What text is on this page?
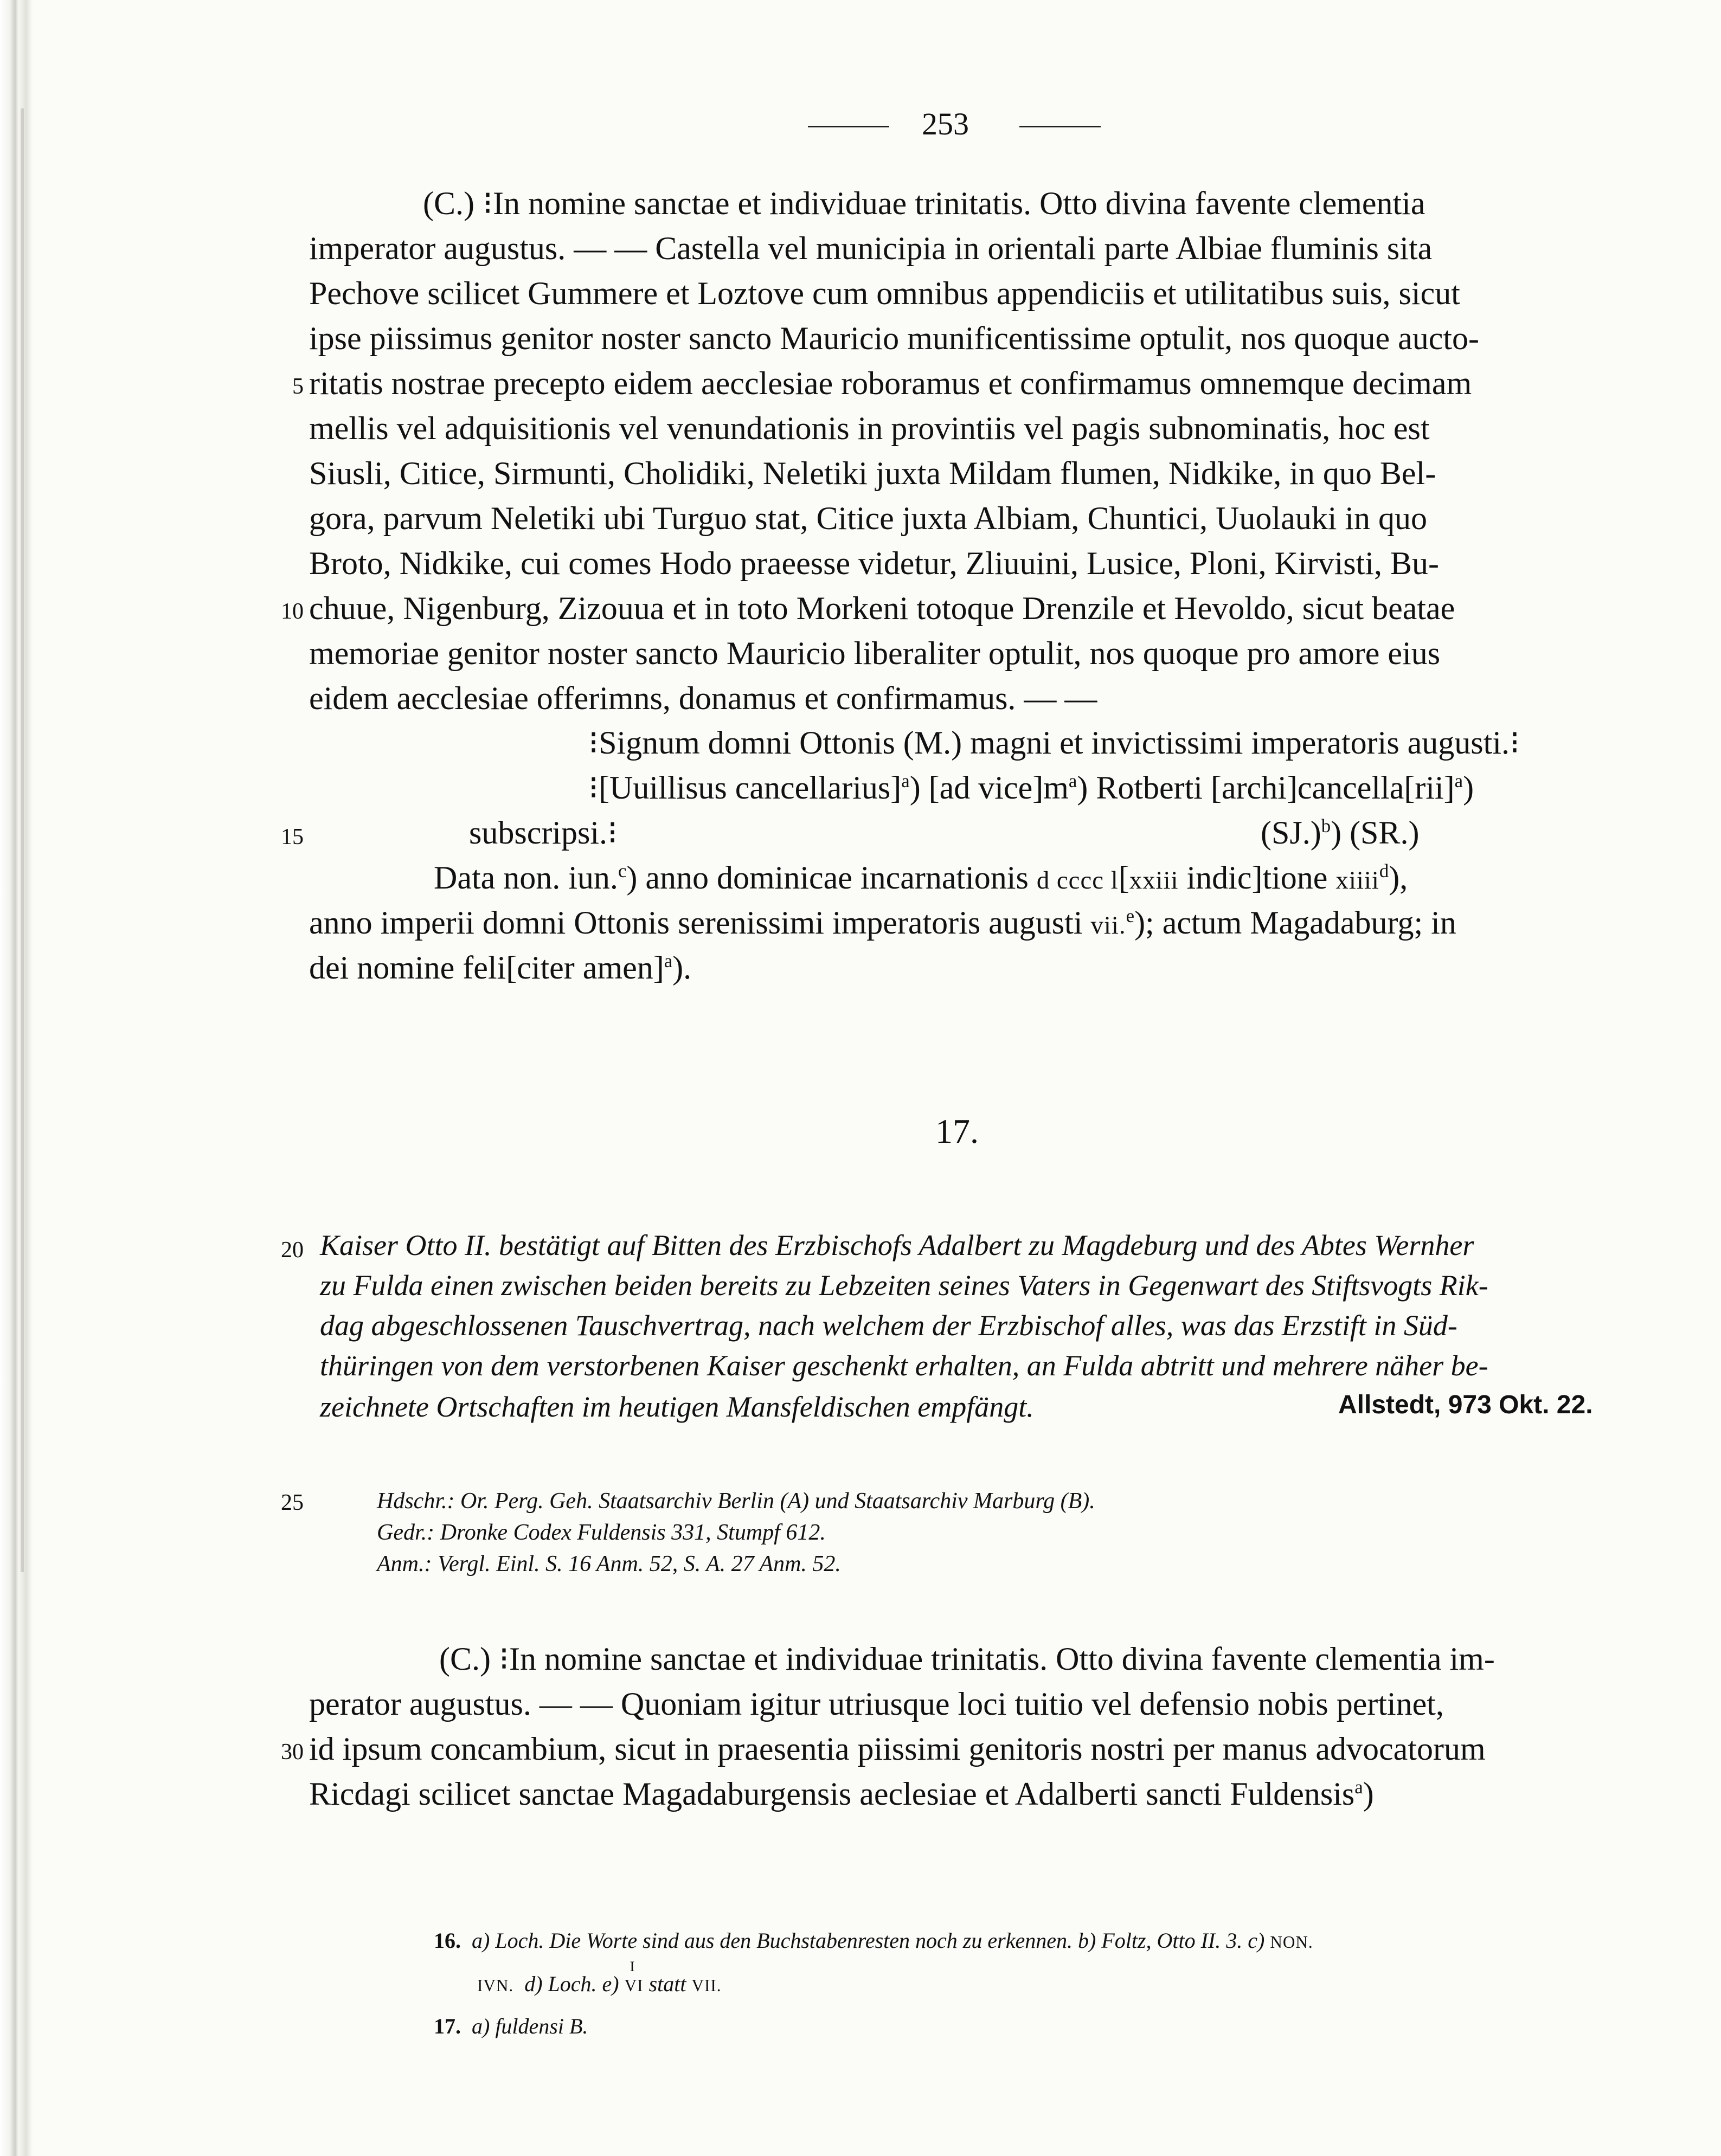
253
(C.) ⁝In nomine sanctae et individuae trinitatis. Otto divina favente clementia
imperator augustus. — — Castella vel municipia in orientali parte Albiae fluminis sita
Pechove scilicet Gummere et Loztove cum omnibus appendiciis et utilitatibus suis, sicut
ipse piissimus genitor noster sancto Mauricio munificentissime optulit, nos quoque aucto-
ritatis nostrae precepto eidem aecclesiae roboramus et confirmamus omnemque decimam
5
mellis vel adquisitionis vel venundationis in provintiis vel pagis subnominatis, hoc est
Siusli, Citice, Sirmunti, Cholidiki, Neletiki juxta Mildam flumen, Nidkike, in quo Bel-
gora, parvum Neletiki ubi Turguo stat, Citice juxta Albiam, Chuntici, Uuolauki in quo
Broto, Nidkike, cui comes Hodo praeesse videtur, Zliuuini, Lusice, Ploni, Kirvisti, Bu-
chuue, Nigenburg, Zizouua et in toto Morkeni totoque Drenzile et Hevoldo, sicut beatae
10
memoriae genitor noster sancto Mauricio liberaliter optulit, nos quoque pro amore eius
eidem aecclesiae offerimns, donamus et confirmamus. — —
⁝Signum domni Ottonis (M.) magni et invictissimi imperatoris augusti.⁝
⁝[Uuillisus cancellarius]$^a$) [ad $vice]m^a$) Rotberti [archi]cancella[rii]$^a$)
15	subscripsi.⁝	$(SJ.)^b$) (SR.)
Data non. iun.$^c$) anno dominicae incarnationis d cccc l[xxiii indic]tione xiiii$^d$),
anno imperii domni Ottonis serenissimi imperatoris augusti vii.$^e$); actum Magadaburg; in
dei nomine feli[citer amen]$^a$).
17.
20 Kaiser Otto II. bestätigt auf Bitten des Erzbischofs Adalbert zu Magdeburg und des Abtes Wernher
zu Fulda einen zwischen beiden bereits zu Lebzeiten seines Vaters in Gegenwart des Stiftsvogts Rik-
dag abgeschlossenen Tauschvertrag, nach welchem der Erzbischof alles, was das Erzstift in Süd-
thüringen von dem verstorbenen Kaiser geschenkt erhalten, an Fulda abtritt und mehrere näher be-
zeichnete Ortschaften im heutigen Mansfeldischen empfängt.	Allstedt, 973 Okt. 22.
25	Hdschr.: Or. Perg. Geh. Staatsarchiv Berlin (A) und Staatsarchiv Marburg (B).
Gedr.: Dronke Codex Fuldensis 331, Stumpf 612.
Anm.: Vergl. Einl. S. 16 Anm. 52, S. A. 27 Anm. 52.
(C.) ⁝In nomine sanctae et individuae trinitatis. Otto divina favente clementia im-
perator augustus. — — Quoniam igitur utriusque loci tuitio vel defensio nobis pertinet,
id ipsum concambium, sicut in praesentia piissimi genitoris nostri per manus advocatorum
30
Ricdagi scilicet sanctae Magadaburgensis aeclesiae et Adalberti sancti Fuldensis$^a$)
16. a) Loch. Die Worte sind aus den Buchstabenresten noch zu erkennen. b) Foltz, Otto II. 3. c) NON.
IVN. d) Loch. e) VI
I
statt VII.
17. a) fuldensi B.
